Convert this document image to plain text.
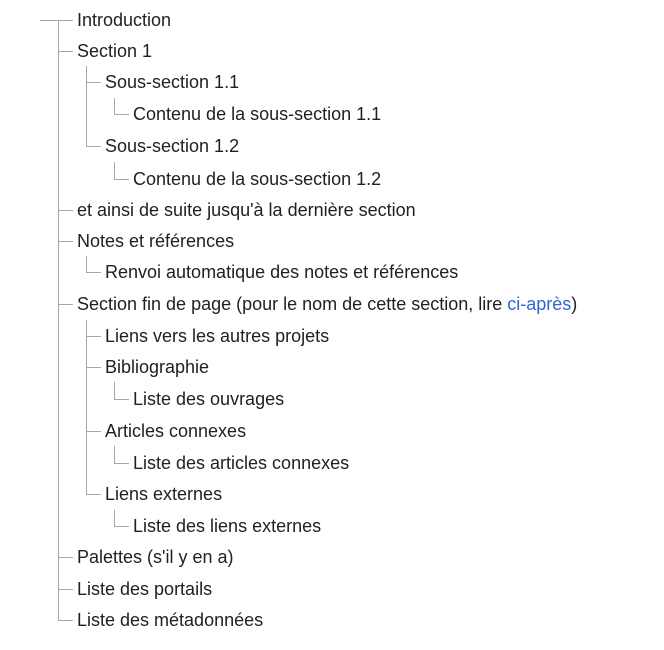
Introduction
Section 1
Sous-section 1.1
Contenu de la sous-section 1.1
Sous-section 1.2
Contenu de la sous-section 1.2
et ainsi de suite jusqu'à la dernière section
Notes et références
Renvoi automatique des notes et références
Section fin de page (pour le nom de cette section, lire ci-après)
Liens vers les autres projets
Bibliographie
Liste des ouvrages
Articles connexes
Liste des articles connexes
Liens externes
Liste des liens externes
Palettes (s'il y en a)
Liste des portails
Liste des métadonnées
